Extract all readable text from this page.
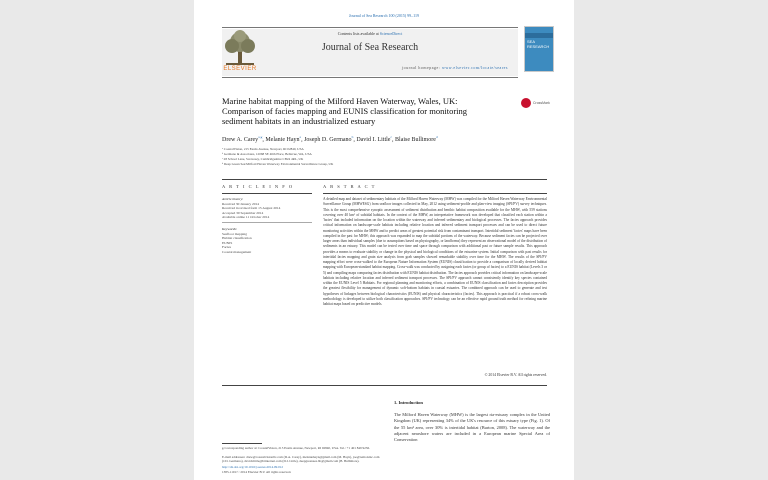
Journal of Sea Research 100 (2015) 99–119
ELSEVIER
Contents lists available at ScienceDirect
Journal of Sea Research
journal homepage: www.elsevier.com/locate/seares
SEA RESEARCH
Marine habitat mapping of the Milford Haven Waterway, Wales, UK: Comparison of facies mapping and EUNIS classification for monitoring sediment habitats in an industrialized estuary
CrossMark
Drew A. Carey$^{a,⁎}$, Melanie Hayn$^a$, Joseph D. Germano$^b$, David I. Little$^c$, Blaise Bullimore$^d$
ᵃ CoastalVision, 215 Eustis Avenue, Newport, RI 02840, USA
ᵇ Germano & Associates, 12068 SE 46th Place, Bellevue, WA, USA
ᶜ 28 School Lane, Swavesey, Cambridgeshire CB24 4RL, UK
ᵈ Deep Green Sea/Milford Haven Waterway Environmental Surveillance Group, UK
A R T I C L E I N F O	A B S T R A C T
Article history:
Received 30 January 2014
Received in revised form 15 August 2014
Accepted 30 September 2014
Available online 11 October 2014
Keywords:
Seafloor mapping
Habitat classification
EUNIS
Facies
Coastal management
A detailed map and dataset of sedimentary habitats of the Milford Haven Waterway (MHW) was compiled for the Milford Haven Waterway Environmental Surveillance Group (MHWESG) from seafloor images collected in May, 2012 using sediment-profile and plan-view imaging (SPI/PV) survey techniques. This is the most comprehensive synoptic assessment of sediment distribution and benthic habitat composition available for the MHW, with 559 stations covering over 40 km² of subtidal habitats. In the context of the MHW, an interpretative framework was developed that classified each station within a 'facies' that included information on the location within the waterway and inferred sedimentary and biological processes. The facies approach provides critical information on landscape-scale habitats including relative location and inferred sediment transport processes and can be used to direct future monitoring activities within the MHW and to predict areas of greatest potential risk from contaminant transport. Intertidal sediment 'facies' maps have been compiled in the past for MHW; this approach was expanded to map the subtidal portions of the waterway. Because sediment facies can be projected over larger areas than individual samples (due to assumptions based on physiography, or landforms) they represent an observational model of the distribution of sediments in an estuary. This model can be tested over time and space through comparison with additional past or future sample results. This approach provides a means to evaluate stability or change in the physical and biological conditions of the estuarine system. Initial comparison with past results for intertidal facies mapping and grain size analysis from grab samples showed remarkable stability over time for the MHW. The results of the SPI/PV mapping effort were cross-walked to the European Nature Information System (EUNIS) classification to provide a comparison of locally derived habitat mapping with European-standard habitat mapping. Cross-walk was conducted by assigning each facies (or group of facies) to a EUNIS habitat (Levels 3 or 5) and compiling maps comparing facies distribution with EUNIS habitat distribution. The facies approach provides critical information on landscape-scale habitats including relative location and inferred sediment transport processes. The SPI/PV approach cannot consistently identify key species contained within the EUNIS Level 5 Habitats. For regional planning and monitoring efforts, a combination of EUNIS classification and facies description provides the greatest flexibility for management of dynamic soft-bottom habitats in coastal estuaries. The combined approach can be used to generate and test hypotheses of linkages between biological characteristics (EUNIS) and physical characteristics (facies). This approach is practical if a robust cross-walk methodology is developed to utilize both classification approaches. SPI/PV technology can be an effective rapid ground truth method for refining marine habitat maps based on predictive models.
© 2014 Elsevier B.V. All rights reserved.
1. Introduction
The Milford Haven Waterway (MHW) is the largest ria-estuary complex in the United Kingdom (UK) representing 34% of the UK's resource of this estuary type (Fig. 1). Of the 55 km² area, over 30% is intertidal habitat (Burton, 2008). The waterway and the adjacent nearshore waters are included in a European marine Special Area of Conservation
⁎ Corresponding author at: CoastalVision, 215 Eustis Avenue, Newport, RI 02840, USA. Tel.: +1 401 849 9236.
E-mail addresses: drew@coastalvisionllc.com (D.A. Carey), melaniehayn@gmail.com (M. Hayn), joe@remotsinc.com (J.D. Germano), davidi.little@btinternet.com (D.I. Little), deepgreensea.bb@gmail.com (B. Bullimore).
http://dx.doi.org/10.1016/j.seares.2014.09.012
1385-1101/© 2014 Elsevier B.V. All rights reserved.
